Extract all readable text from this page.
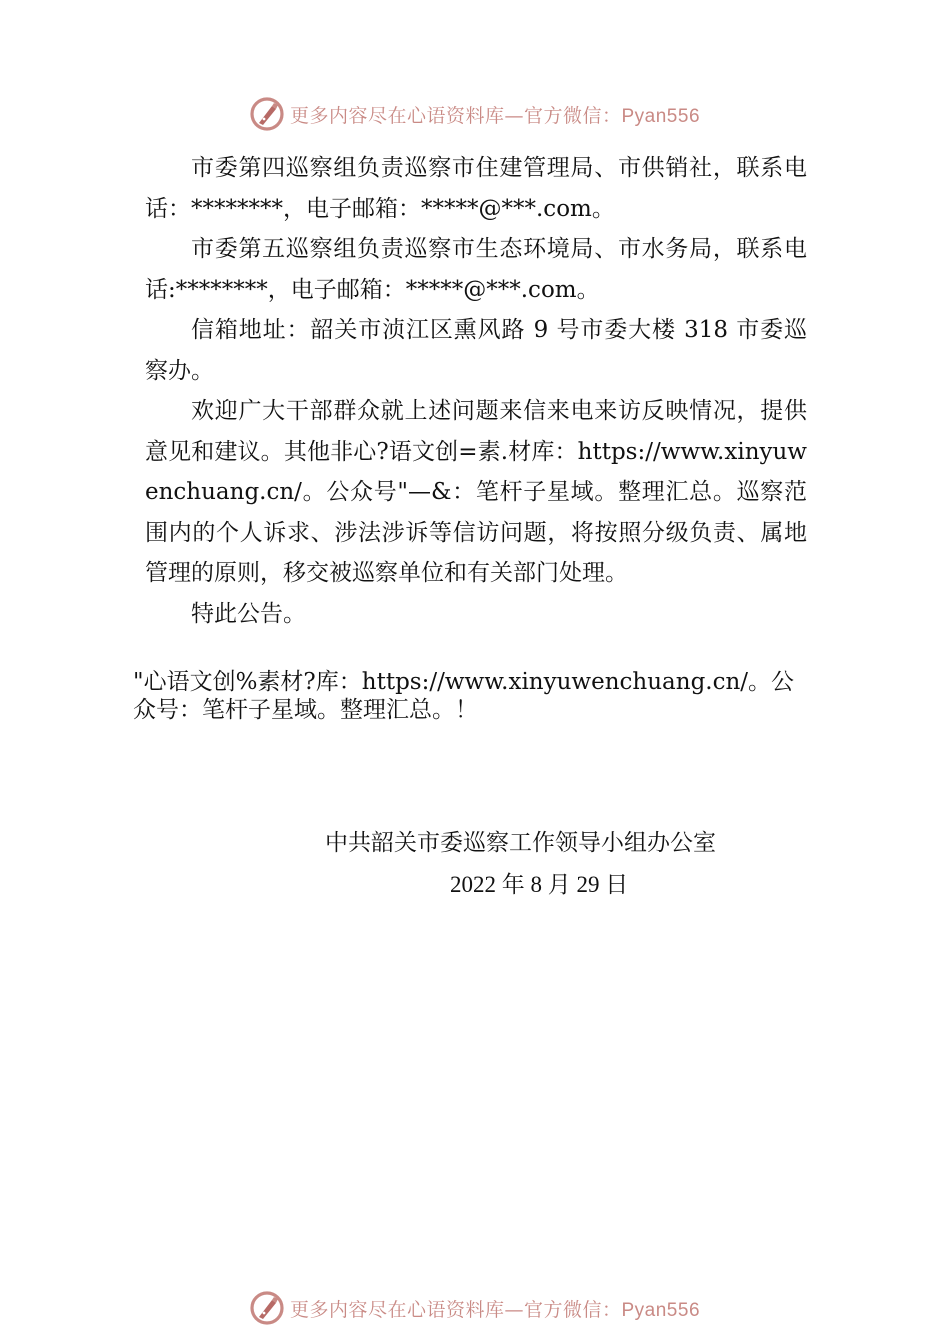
更多内容尽在心语资料库—官方微信：Pyan556

市委第四巡察组负责巡察市住建管理局、市供销社，联系电话：********，电子邮箱：*****@***.com。

市委第五巡察组负责巡察市生态环境局、市水务局，联系电话:********，电子邮箱：*****@***.com。

信箱地址：韶关市浈江区熏风路 9 号市委大楼 318 市委巡察办。

欢迎广大干部群众就上述问题来信来电来访反映情况，提供意见和建议。其他非心?语文创=素.材库：https://www.xinyuwenchuang.cn/。公众号"—&：笔杆子星域。整理汇总。巡察范围内的个人诉求、涉法涉诉等信访问题，将按照分级负责、属地管理的原则，移交被巡察单位和有关部门处理。

特此公告。

"心语文创%素材?库：https://www.xinyuwenchuang.cn/。公众号：笔杆子星域。整理汇总。！

中共韶关市委巡察工作领导小组办公室

2022 年 8 月 29 日

更多内容尽在心语资料库—官方微信：Pyan556
